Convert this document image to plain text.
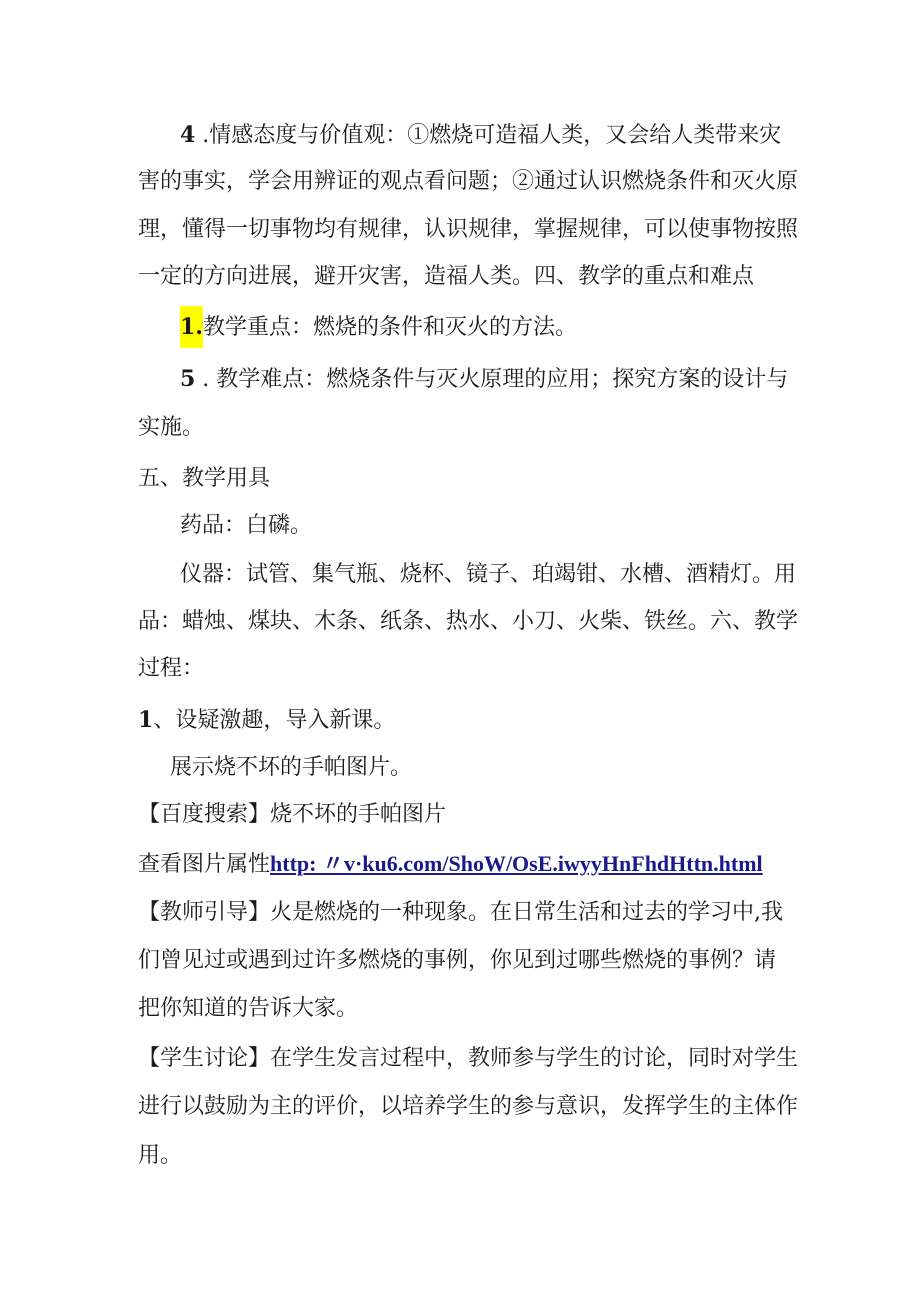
4 .情感态度与价值观：①燃烧可造福人类，又会给人类带来灾
害的事实，学会用辨证的观点看问题；②通过认识燃烧条件和灭火原
理，懂得一切事物均有规律，认识规律，掌握规律，可以使事物按照
一定的方向进展，避开灾害，造福人类。四、教学的重点和难点
1.教学重点：燃烧的条件和灭火的方法。
5 . 教学难点：燃烧条件与灭火原理的应用；探究方案的设计与
实施。
五、教学用具
药品：白磷。
仪器：试管、集气瓶、烧杯、镜子、珀竭钳、水槽、酒精灯。用
品：蜡烛、煤块、木条、纸条、热水、小刀、火柴、铁丝。六、教学
过程：
1、设疑激趣，导入新课。
展示烧不坏的手帕图片。
【百度搜索】烧不坏的手帕图片
查看图片属性http: 〃v·ku6.com/ShoW/OsE.iwyyHnFhdHttn.html
【教师引导】火是燃烧的一种现象。在日常生活和过去的学习中,我
们曾见过或遇到过许多燃烧的事例，你见到过哪些燃烧的事例？请
把你知道的告诉大家。
【学生讨论】在学生发言过程中，教师参与学生的讨论，同时对学生
进行以鼓励为主的评价，以培养学生的参与意识，发挥学生的主体作
用。
